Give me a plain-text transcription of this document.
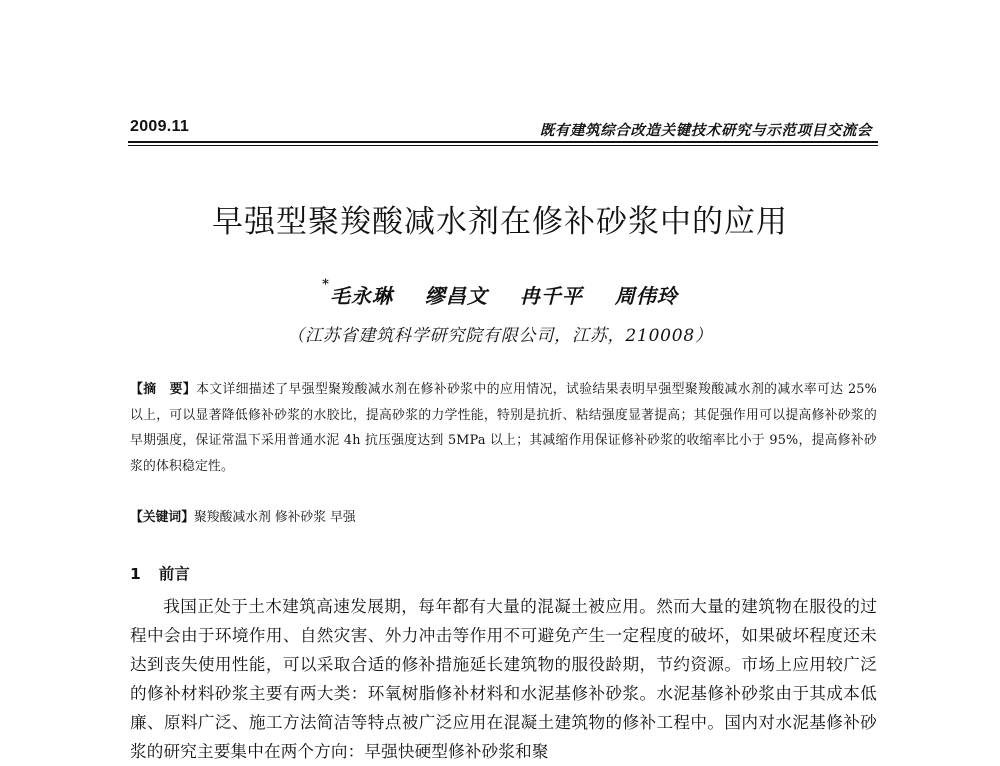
2009.11	既有建筑综合改造关键技术研究与示范项目交流会
早强型聚羧酸减水剂在修补砂浆中的应用
*毛永琳 缪昌文 冉千平 周伟玲
（江苏省建筑科学研究院有限公司，江苏，210008）
【摘　要】本文详细描述了早强型聚羧酸减水剂在修补砂浆中的应用情况，试验结果表明早强型聚羧酸减水剂的减水率可达 25%以上，可以显著降低修补砂浆的水胶比，提高砂浆的力学性能，特别是抗折、粘结强度显著提高；其促强作用可以提高修补砂浆的早期强度，保证常温下采用普通水泥 4h 抗压强度达到 5MPa 以上；其减缩作用保证修补砂浆的收缩率比小于 95%，提高修补砂浆的体积稳定性。
【关键词】聚羧酸减水剂 修补砂浆 早强
1 前言
我国正处于土木建筑高速发展期，每年都有大量的混凝土被应用。然而大量的建筑物在服役的过程中会由于环境作用、自然灾害、外力冲击等作用不可避免产生一定程度的破坏，如果破坏程度还未达到丧失使用性能，可以采取合适的修补措施延长建筑物的服役龄期，节约资源。市场上应用较广泛的修补材料砂浆主要有两大类：环氧树脂修补材料和水泥基修补砂浆。水泥基修补砂浆由于其成本低廉、原料广泛、施工方法简洁等特点被广泛应用在混凝土建筑物的修补工程中。国内对水泥基修补砂浆的研究主要集中在两个方向：早强快硬型修补砂浆和聚
